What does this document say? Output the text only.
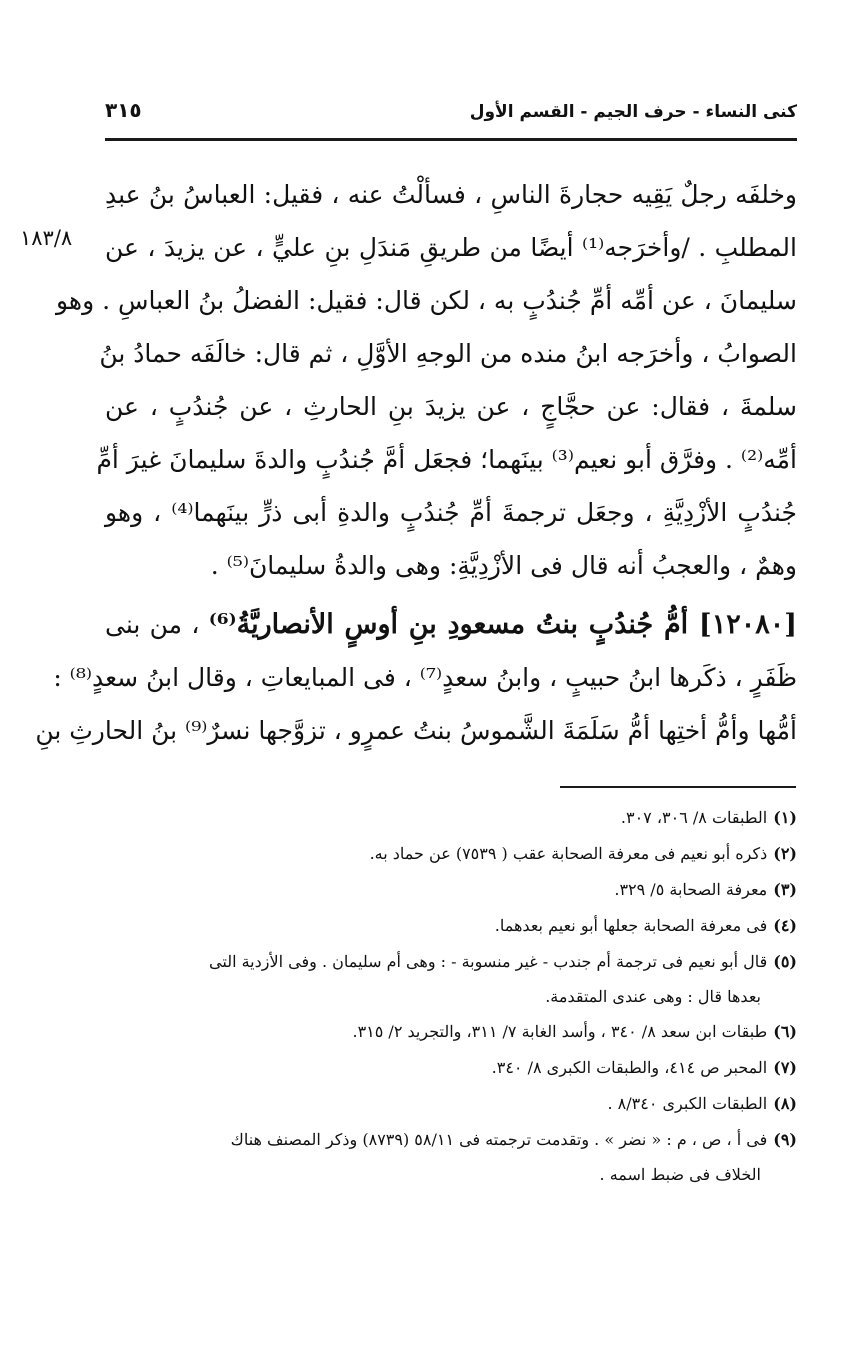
كنى النساء - حرف الجيم - القسم الأول
٣١٥
١٨٣/٨
وخلفَه رجلٌ يَقِيه حجارةَ الناسِ ، فسألْتُ عنه ، فقيل: العباسُ بنُ عبدِ
المطلبِ . /وأخرَجه⁽¹⁾ أيضًا من طريقِ مَندَلِ بنِ عليٍّ ، عن يزيدَ ، عن
سليمانَ ، عن أمِّه أمِّ جُندُبٍ به ، لكن قال: فقيل: الفضلُ بنُ العباسِ . وهو
الصوابُ ، وأخرَجه ابنُ منده من الوجهِ الأوَّلِ ، ثم قال: خالَفَه حمادُ بنُ
سلمةَ ، فقال: عن حجَّاجٍ ، عن يزيدَ بنِ الحارثِ ، عن جُندُبٍ ، عن
أمِّه⁽²⁾ . وفرَّق أبو نعيم⁽³⁾ بينَهما؛ فجعَل أمَّ جُندُبٍ والدةَ سليمانَ غيرَ أمِّ
جُندُبٍ الأزْدِيَّةِ ، وجعَل ترجمةَ أمِّ جُندُبٍ والدةِ أبى ذرٍّ بينَهما⁽⁴⁾ ، وهو
وهمٌ ، والعجبُ أنه قال فى الأزْدِيَّةِ: وهى والدةُ سليمانَ⁽⁵⁾ .
[١٢٠٨٠] أمُّ جُندُبٍ بنتُ مسعودِ بنِ أوسٍ الأنصاريَّةُ⁽⁶⁾ ، من بنى
ظَفَرٍ ، ذكَرها ابنُ حبيبٍ ، وابنُ سعدٍ⁽⁷⁾ ، فى المبايعاتِ ، وقال ابنُ سعدٍ⁽⁸⁾ :
أمُّها وأمُّ أختِها أمُّ سَلَمَةَ الشَّموسُ بنتُ عمرٍو ، تزوَّجها نسرٌ⁽⁹⁾ بنُ الحارثِ بنِ
(١)الطبقات ٨/ ٣٠٦، ٣٠٧.
(٢)ذكره أبو نعيم فى معرفة الصحابة عقب ( ٧٥٣٩) عن حماد به.
(٣)معرفة الصحابة ٥/ ٣٢٩.
(٤)فى معرفة الصحابة جعلها أبو نعيم بعدهما.
(٥)قال أبو نعيم فى ترجمة أم جندب - غير منسوبة - : وهى أم سليمان . وفى الأزدية التى
بعدها قال : وهى عندى المتقدمة.
(٦)طبقات ابن سعد ٨/ ٣٤٠ ، وأسد الغابة ٧/ ٣١١، والتجريد ٢/ ٣١٥.
(٧)المحبر ص ٤١٤، والطبقات الكبرى ٨/ ٣٤٠.
(٨)الطبقات الكبرى ٨/٣٤٠ .
(٩)فى أ ، ص ، م : « نضر » . وتقدمت ترجمته فى ٥٨/١١ (٨٧٣٩) وذكر المصنف هناك
الخلاف فى ضبط اسمه .
